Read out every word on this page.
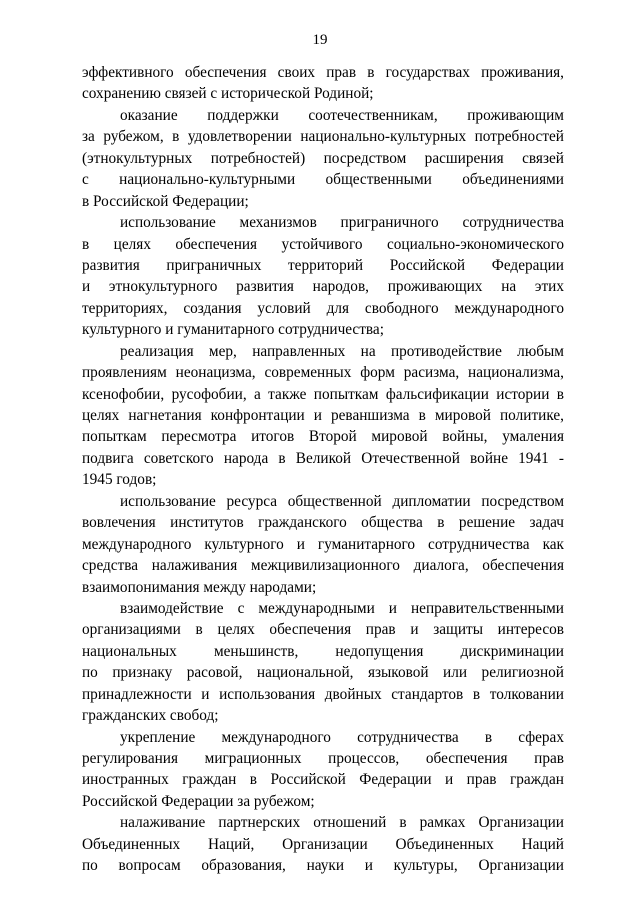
19
эффективного обеспечения своих прав в государствах проживания,
сохранению связей с исторической Родиной;
оказание поддержки соотечественникам, проживающим
за рубежом, в удовлетворении национально-культурных потребностей
(этнокультурных потребностей) посредством расширения связей
с национально-культурными общественными объединениями
в Российской Федерации;
использование механизмов приграничного сотрудничества
в целях обеспечения устойчивого социально-экономического
развития приграничных территорий Российской Федерации
и этнокультурного развития народов, проживающих на этих
территориях, создания условий для свободного международного
культурного и гуманитарного сотрудничества;
реализация мер, направленных на противодействие любым
проявлениям неонацизма, современных форм расизма, национализма,
ксенофобии, русофобии, а также попыткам фальсификации истории в
целях нагнетания конфронтации и реваншизма в мировой политике,
попыткам пересмотра итогов Второй мировой войны, умаления
подвига советского народа в Великой Отечественной войне 1941 -
1945 годов;
использование ресурса общественной дипломатии посредством
вовлечения институтов гражданского общества в решение задач
международного культурного и гуманитарного сотрудничества как
средства налаживания межцивилизационного диалога, обеспечения
взаимопонимания между народами;
взаимодействие с международными и неправительственными
организациями в целях обеспечения прав и защиты интересов
национальных меньшинств, недопущения дискриминации
по признаку расовой, национальной, языковой или религиозной
принадлежности и использования двойных стандартов в толковании
гражданских свобод;
укрепление международного сотрудничества в сферах
регулирования миграционных процессов, обеспечения прав
иностранных граждан в Российской Федерации и прав граждан
Российской Федерации за рубежом;
налаживание партнерских отношений в рамках Организации
Объединенных Наций, Организации Объединенных Наций
по вопросам образования, науки и культуры, Организации
